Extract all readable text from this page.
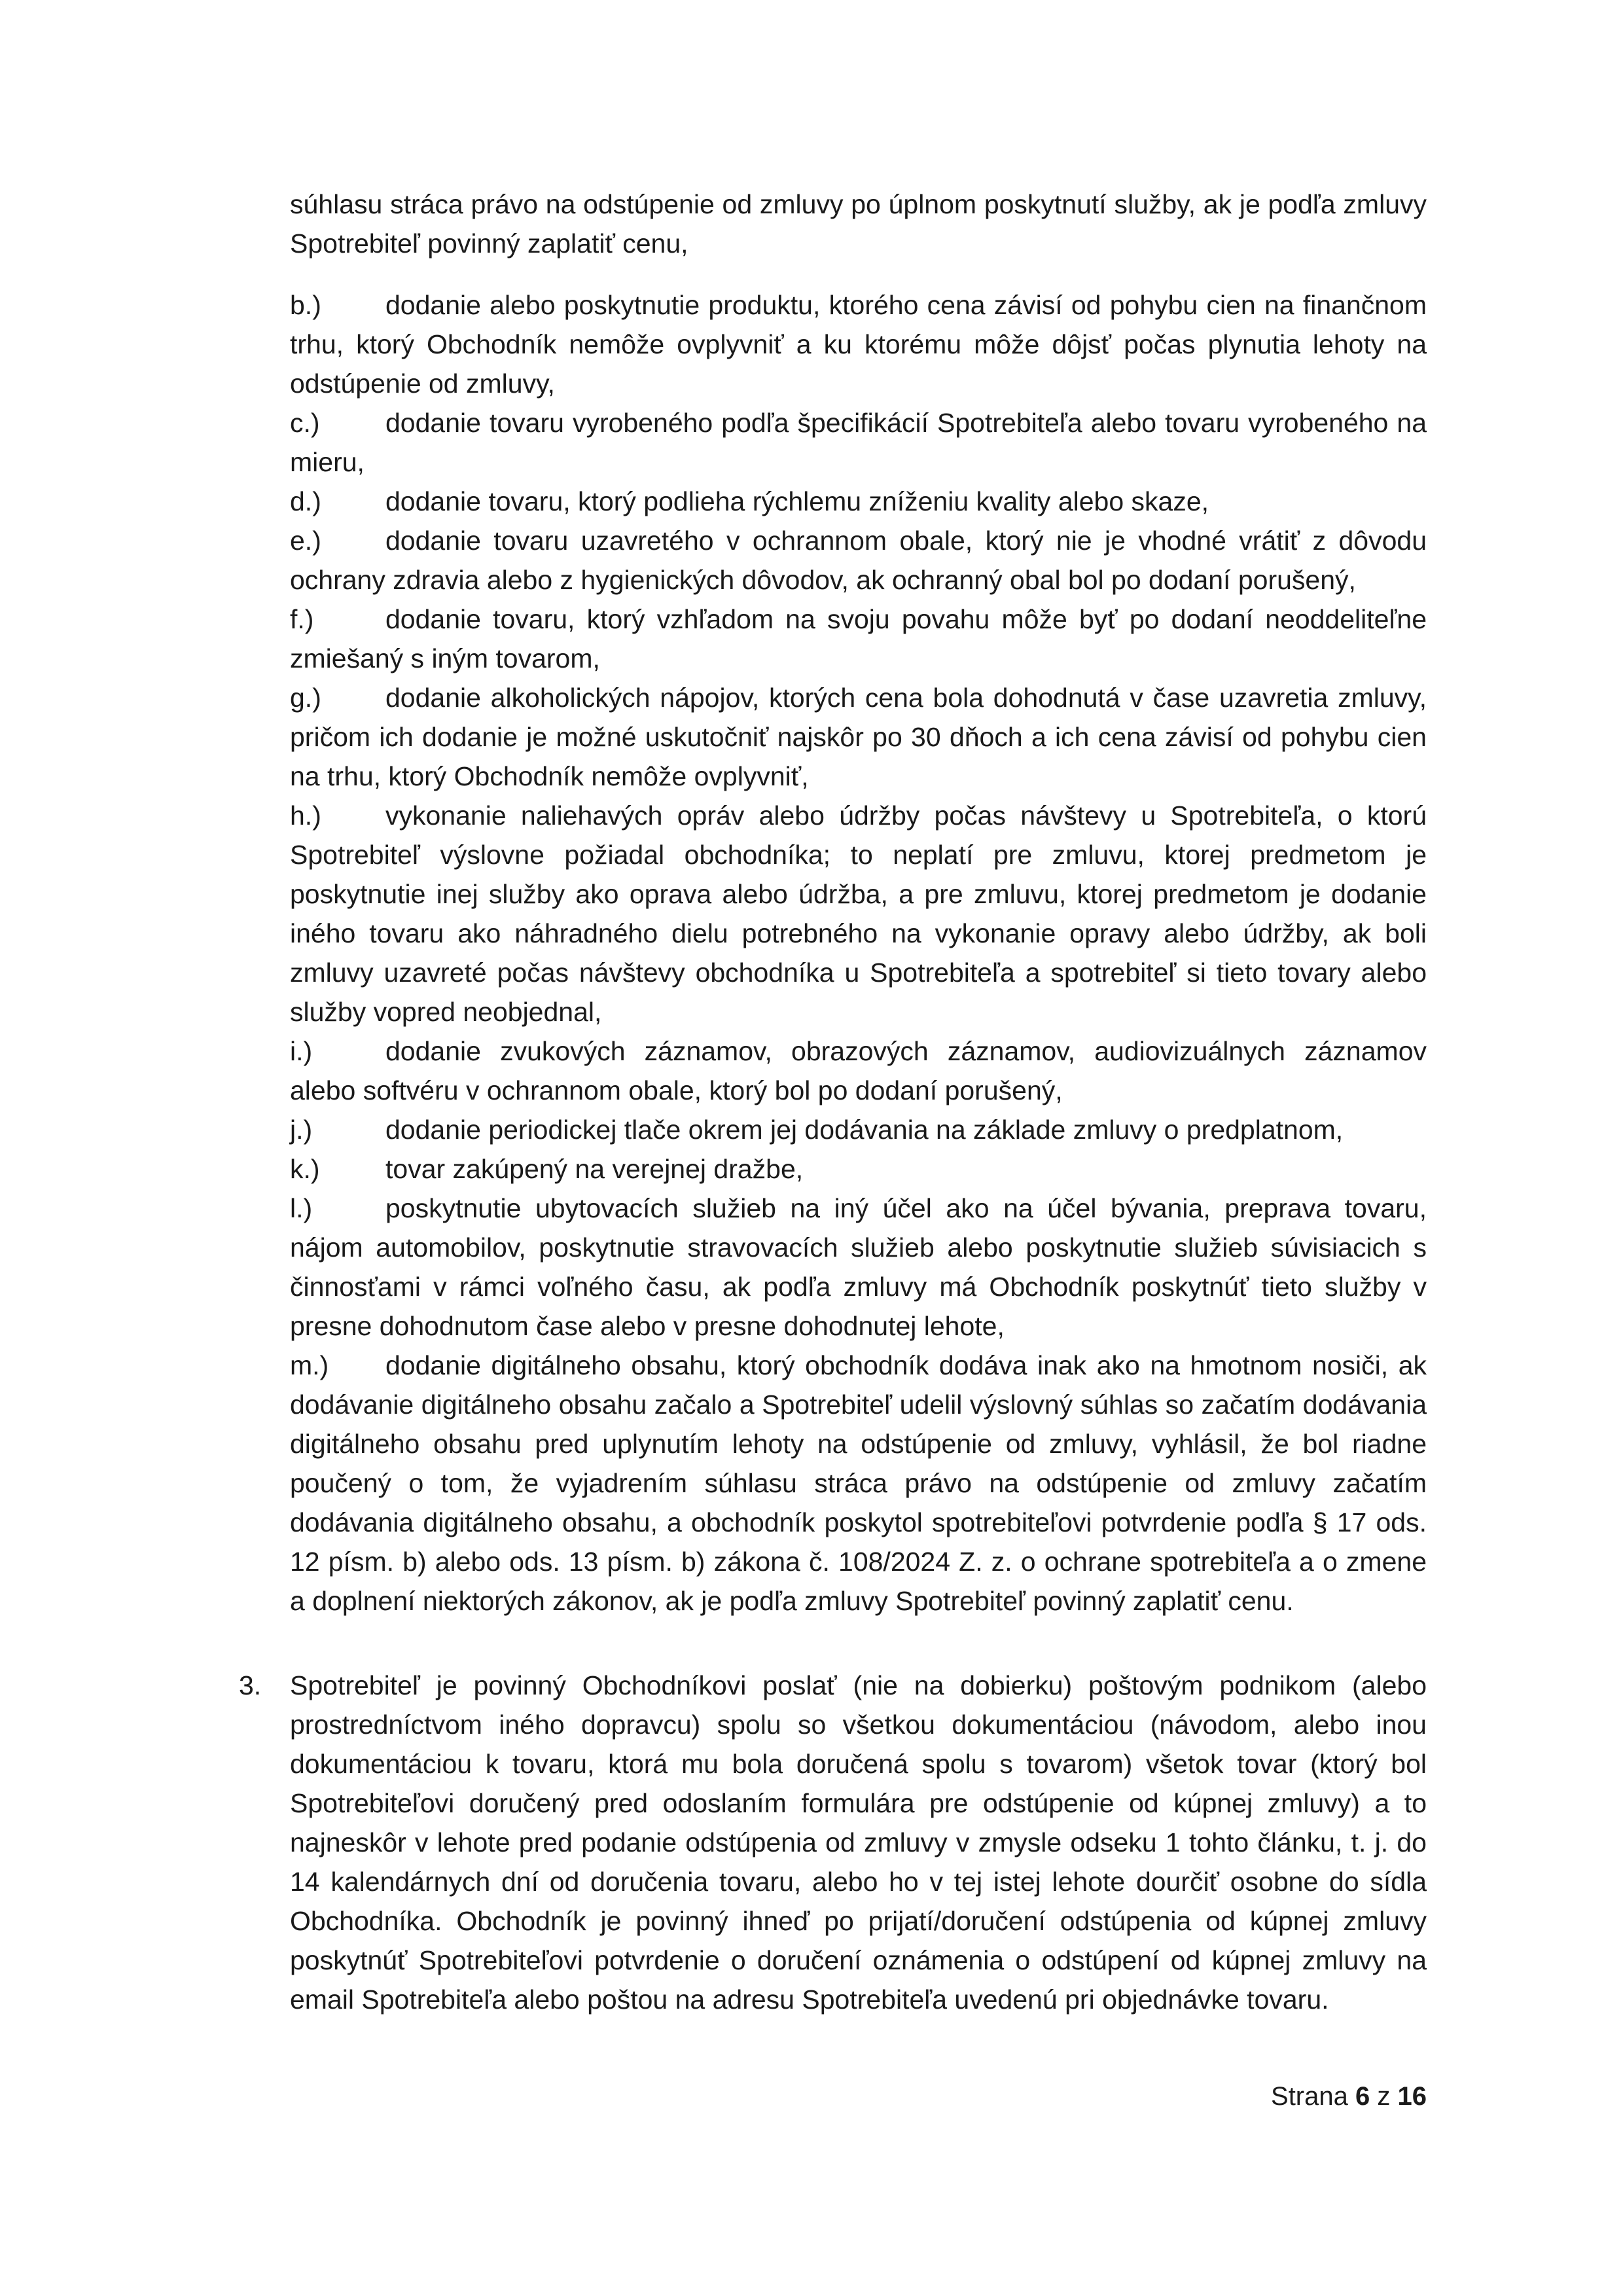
súhlasu stráca právo na odstúpenie od zmluvy po úplnom poskytnutí služby, ak je podľa zmluvy Spotrebiteľ povinný zaplatiť cenu,

b.) dodanie alebo poskytnutie produktu, ktorého cena závisí od pohybu cien na finančnom trhu, ktorý Obchodník nemôže ovplyvniť a ku ktorému môže dôjsť počas plynutia lehoty na odstúpenie od zmluvy,

c.) dodanie tovaru vyrobeného podľa špecifikácií Spotrebiteľa alebo tovaru vyrobeného na mieru,

d.) dodanie tovaru, ktorý podlieha rýchlemu zníženiu kvality alebo skaze,

e.) dodanie tovaru uzavretého v ochrannom obale, ktorý nie je vhodné vrátiť z dôvodu ochrany zdravia alebo z hygienických dôvodov, ak ochranný obal bol po dodaní porušený,

f.)	dodanie tovaru, ktorý vzhľadom na svoju povahu môže byť po dodaní neoddeliteľne zmiešaný s iným tovarom,

g.) dodanie alkoholických nápojov, ktorých cena bola dohodnutá v čase uzavretia zmluvy, pričom ich dodanie je možné uskutočniť najskôr po 30 dňoch a ich cena závisí od pohybu cien na trhu, ktorý Obchodník nemôže ovplyvniť,

h.) vykonanie naliehavých opráv alebo údržby počas návštevy u Spotrebiteľa, o ktorú Spotrebiteľ výslovne požiadal obchodníka; to neplatí pre zmluvu, ktorej predmetom je poskytnutie inej služby ako oprava alebo údržba, a pre zmluvu, ktorej predmetom je dodanie iného tovaru ako náhradného dielu potrebného na vykonanie opravy alebo údržby, ak boli zmluvy uzavreté počas návštevy obchodníka u Spotrebiteľa a spotrebiteľ si tieto tovary alebo služby vopred neobjednal,

i.)	dodanie zvukových záznamov, obrazových záznamov, audiovizuálnych záznamov alebo softvéru v ochrannom obale, ktorý bol po dodaní porušený,

j.)	dodanie periodickej tlače okrem jej dodávania na základe zmluvy o predplatnom,

k.) tovar zakúpený na verejnej dražbe,

l.)	poskytnutie ubytovacích služieb na iný účel ako na účel bývania, preprava tovaru, nájom automobilov, poskytnutie stravovacích služieb alebo poskytnutie služieb súvisiacich s činnosťami v rámci voľného času, ak podľa zmluvy má Obchodník poskytnúť tieto služby v presne dohodnutom čase alebo v presne dohodnutej lehote,

m.) dodanie digitálneho obsahu, ktorý obchodník dodáva inak ako na hmotnom nosiči, ak dodávanie digitálneho obsahu začalo a Spotrebiteľ udelil výslovný súhlas so začatím dodávania digitálneho obsahu pred uplynutím lehoty na odstúpenie od zmluvy, vyhlásil, že bol riadne poučený o tom, že vyjadrením súhlasu stráca právo na odstúpenie od zmluvy začatím dodávania digitálneho obsahu, a obchodník poskytol spotrebiteľovi potvrdenie podľa § 17 ods. 12 písm. b) alebo ods. 13 písm. b) zákona č. 108/2024 Z. z. o ochrane spotrebiteľa a o zmene a doplnení niektorých zákonov, ak je podľa zmluvy Spotrebiteľ povinný zaplatiť cenu.

3. Spotrebiteľ je povinný Obchodníkovi poslať (nie na dobierku) poštovým podnikom (alebo prostredníctvom iného dopravcu) spolu so všetkou dokumentáciou (návodom, alebo inou dokumentáciou k tovaru, ktorá mu bola doručená spolu s tovarom) všetok tovar (ktorý bol Spotrebiteľovi doručený pred odoslaním formulára pre odstúpenie od kúpnej zmluvy) a to najneskôr v lehote pred podanie odstúpenia od zmluvy v zmysle odseku 1 tohto článku, t. j. do 14 kalendárnych dní od doručenia tovaru, alebo ho v tej istej lehote dourčiť osobne do sídla Obchodníka. Obchodník je povinný ihneď po prijatí/doručení odstúpenia od kúpnej zmluvy poskytnúť Spotrebiteľovi potvrdenie o doručení oznámenia o odstúpení od kúpnej zmluvy na email Spotrebiteľa alebo poštou na adresu Spotrebiteľa uvedenú pri objednávke tovaru.

Strana 6 z 16
